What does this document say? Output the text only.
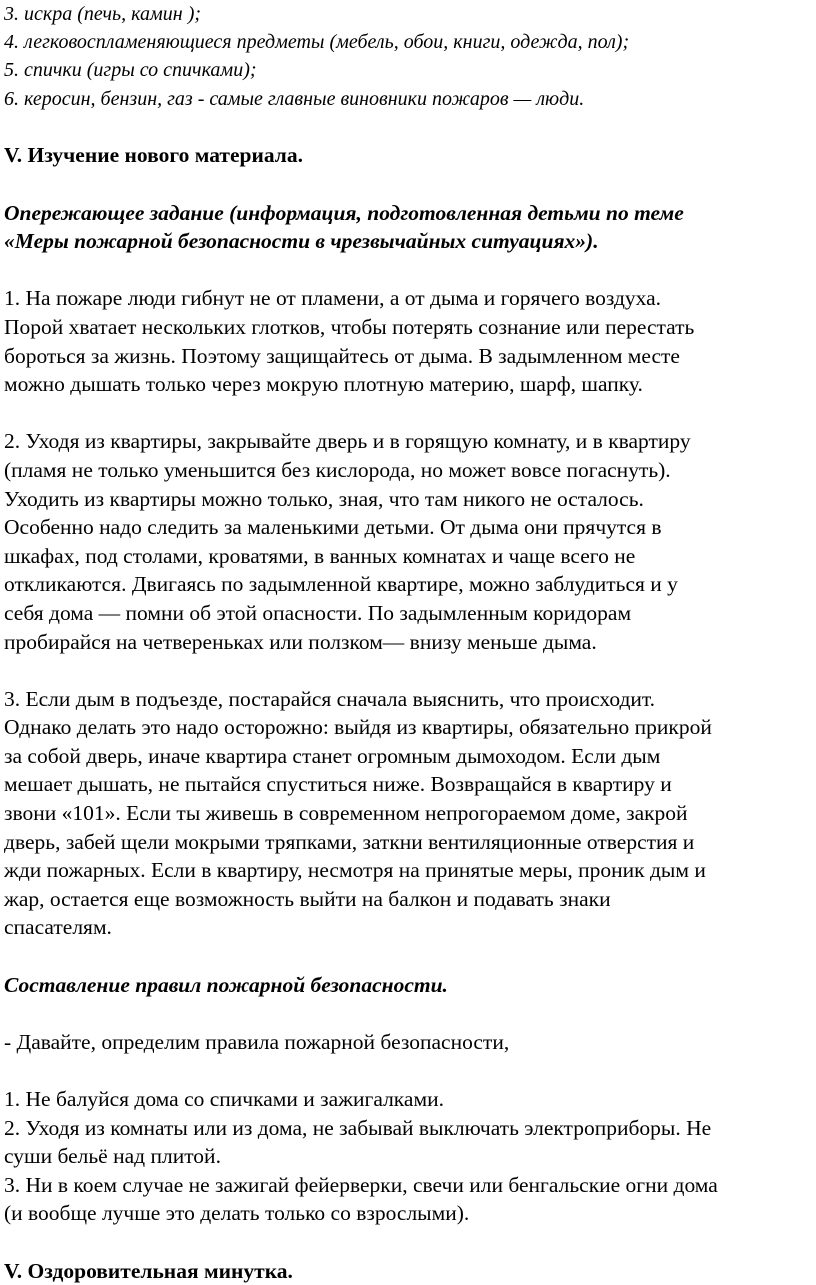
3. искра (печь, камин );
4. легковоспламеняющиеся предметы (мебель, обои, книги, одежда, пол);
5. спички (игры со спичками);
6. керосин, бензин, газ - самые главные виновники пожаров — люди.
V. Изучение нового материала.
Опережающее задание (информация, подготовленная детьми по теме
«Меры пожарной безопасности в чрезвычайных ситуациях»).
1. На пожаре люди гибнут не от пламени, а от дыма и горячего воздуха.
Порой хватает нескольких глотков, чтобы потерять сознание или перестать
бороться за жизнь. Поэтому защищайтесь от дыма. В задымленном месте
можно дышать только через мокрую плотную материю, шарф, шапку.
2. Уходя из квартиры, закрывайте дверь и в горящую комнату, и в квартиру
(пламя не только уменьшится без кислорода, но может вовсе погаснуть).
Уходить из квартиры можно только, зная, что там никого не осталось.
Особенно надо следить за маленькими детьми. От дыма они прячутся в
шкафах, под столами, кроватями, в ванных комнатах и чаще всего не
откликаются. Двигаясь по задымленной квартире, можно заблудиться и у
себя дома — помни об этой опасности. По задымленным коридорам
пробирайся на четвереньках или ползком— внизу меньше дыма.
3. Если дым в подъезде, постарайся сначала выяснить, что происходит.
Однако делать это надо осторожно: выйдя из квартиры, обязательно прикрой
за собой дверь, иначе квартира станет огромным дымоходом. Если дым
мешает дышать, не пытайся спуститься ниже. Возвращайся в квартиру и
звони «101». Если ты живешь в современном непрогораемом доме, закрой
дверь, забей щели мокрыми тряпками, заткни вентиляционные отверстия и
жди пожарных. Если в квартиру, несмотря на принятые меры, проник дым и
жар, остается еще возможность выйти на балкон и подавать знаки
спасателям.
Составление правил пожарной безопасности.
- Давайте, определим правила пожарной безопасности,
1. Не балуйся дома со спичками и зажигалками.
2. Уходя из комнаты или из дома, не забывай выключать электроприборы. Не
суши бельё над плитой.
3. Ни в коем случае не зажигай фейерверки, свечи или бенгальские огни дома
(и вообще лучше это делать только со взрослыми).
V. Оздоровительная минутка.
